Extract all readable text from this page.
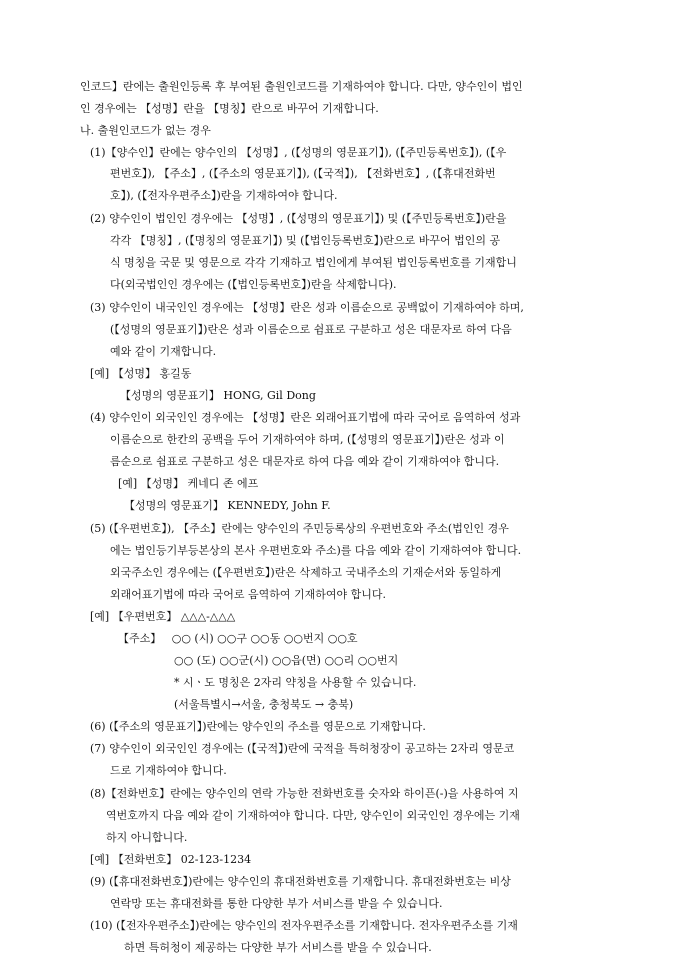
인코드】란에는 출원인등록 후 부여된 출원인코드를 기재하여야 합니다. 다만, 양수인이 법인
인 경우에는 【성명】란을 【명칭】란으로 바꾸어 기재합니다.
나. 출원인코드가 없는 경우
(1)【양수인】란에는 양수인의 【성명】, (【성명의 영문표기】), (【주민등록번호】), (【우
편번호】), 【주소】, (【주소의 영문표기】), (【국적】), 【전화번호】, (【휴대전화번
호】), (【전자우편주소】)란을 기재하여야 합니다.
(2) 양수인이 법인인 경우에는 【성명】, (【성명의 영문표기】) 및 (【주민등록번호】)란을
각각 【명칭】, (【명칭의 영문표기】) 및 (【법인등록번호】)란으로 바꾸어 법인의 공
식 명칭을 국문 및 영문으로 각각 기재하고 법인에게 부여된 법인등록번호를 기재합니
다(외국법인인 경우에는 (【법인등록번호】)란을 삭제합니다).
(3) 양수인이 내국인인 경우에는 【성명】란은 성과 이름순으로 공백없이 기재하여야 하며,
(【성명의 영문표기】)란은 성과 이름순으로 쉼표로 구분하고 성은 대문자로 하여 다음
예와 같이 기재합니다.
[예] 【성명】 홍길동
【성명의 영문표기】 HONG, Gil Dong
(4) 양수인이 외국인인 경우에는 【성명】란은 외래어표기법에 따라 국어로 음역하여 성과
이름순으로 한칸의 공백을 두어 기재하여야 하며, (【성명의 영문표기】)란은 성과 이
름순으로 쉼표로 구분하고 성은 대문자로 하여 다음 예와 같이 기재하여야 합니다.
[예] 【성명】 케네디 존 에프
【성명의 영문표기】 KENNEDY, John F.
(5) (【우편번호】), 【주소】란에는 양수인의 주민등록상의 우편번호와 주소(법인인 경우
에는 법인등기부등본상의 본사 우편번호와 주소)를 다음 예와 같이 기재하여야 합니다.
외국주소인 경우에는 (【우편번호】)란은 삭제하고 국내주소의 기재순서와 동일하게
외래어표기법에 따라 국어로 음역하여 기재하여야 합니다.
[예] 【우편번호】 △△△-△△△
【주소】   ○○ (시) ○○구 ○○동 ○○번지 ○○호
○○ (도) ○○군(시) ○○읍(면) ○○리 ○○번지
* 시ㆍ도 명칭은 2자리 약칭을 사용할 수 있습니다.
(서울특별시→서울, 충청북도 → 충북)
(6) (【주소의 영문표기】)란에는 양수인의 주소를 영문으로 기재합니다.
(7) 양수인이 외국인인 경우에는 (【국적】)란에 국적을 특허청장이 공고하는 2자리 영문코
드로 기재하여야 합니다.
(8)【전화번호】란에는 양수인의 연락 가능한 전화번호를 숫자와 하이픈(-)을 사용하여 지
역번호까지 다음 예와 같이 기재하여야 합니다. 다만, 양수인이 외국인인 경우에는 기재
하지 아니합니다.
[예] 【전화번호】 02-123-1234
(9) (【휴대전화번호】)란에는 양수인의 휴대전화번호를 기재합니다. 휴대전화번호는 비상
연락망 또는 휴대전화를 통한 다양한 부가 서비스를 받을 수 있습니다.
(10) (【전자우편주소】)란에는 양수인의 전자우편주소를 기재합니다. 전자우편주소를 기재
하면 특허청이 제공하는 다양한 부가 서비스를 받을 수 있습니다.
